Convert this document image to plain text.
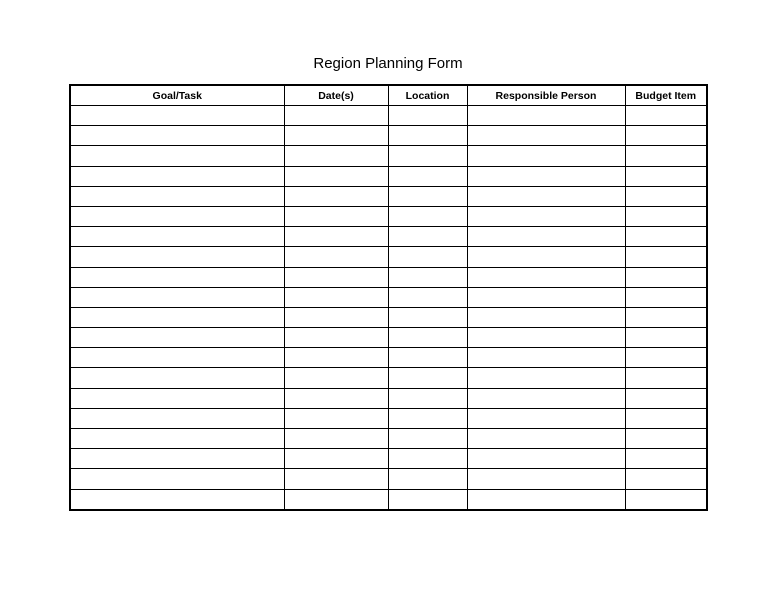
Region Planning Form
Goal/Task	Date(s)	Location	Responsible Person	Budget Item
